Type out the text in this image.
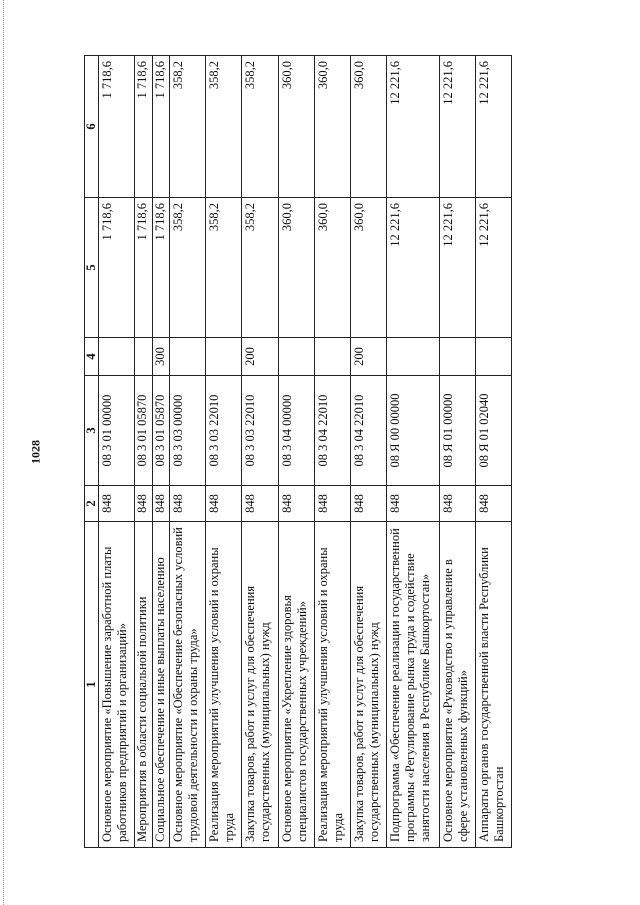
1028
1	2	3	4	5	6
Основное мероприятие «Повышение заработной платы работников предприятий и организаций»	848	08 3 01 00000		1 718,6	1 718,6
Мероприятия в области социальной политики	848	08 3 01 05870		1 718,6	1 718,6
Социальное обеспечение и иные выплаты населению	848	08 3 01 05870	300	1 718,6	1 718,6
Основное мероприятие «Обеспечение безопасных условий трудовой деятельности и охраны труда»	848	08 3 03 00000		358,2	358,2
Реализация мероприятий улучшения условий и охраны труда	848	08 3 03 22010		358,2	358,2
Закупка товаров, работ и услуг для обеспечения государственных (муниципальных) нужд	848	08 3 03 22010	200	358,2	358,2
Основное мероприятие «Укрепление здоровья специалистов государственных учреждений»	848	08 3 04 00000		360,0	360,0
Реализация мероприятий улучшения условий и охраны труда	848	08 3 04 22010		360,0	360,0
Закупка товаров, работ и услуг для обеспечения государственных (муниципальных) нужд	848	08 3 04 22010	200	360,0	360,0
Подпрограмма «Обеспечение реализации государственной программы «Регулирование рынка труда и содействие занятости населения в Республике Башкортостан»	848	08 Я 00 00000		12 221,6	12 221,6
Основное мероприятие «Руководство и управление в сфере установленных функций»	848	08 Я 01 00000		12 221,6	12 221,6
Аппараты органов государственной власти Республики Башкортостан	848	08 Я 01 02040		12 221,6	12 221,6
